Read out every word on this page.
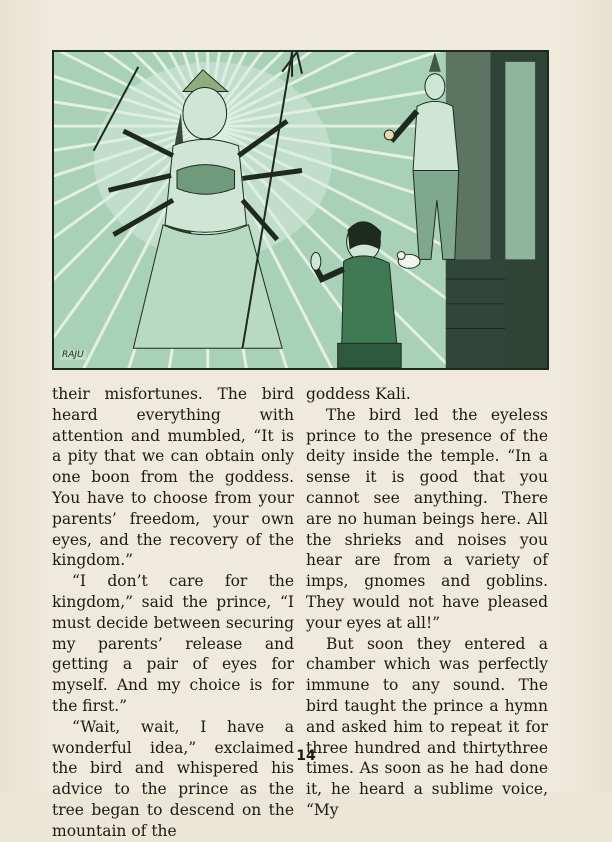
RAJU

their misfortunes. The bird heard everything with attention and mumbled, “It is a pity that we can obtain only one boon from the goddess. You have to choose from your parents’ freedom, your own eyes, and the recovery of the kingdom.”

“I don’t care for the kingdom,” said the prince, “I must decide between securing my parents’ release and getting a pair of eyes for myself. And my choice is for the first.”

“Wait, wait, I have a wonderful idea,” exclaimed the bird and whispered his advice to the prince as the tree began to descend on the mountain of the

goddess Kali.

The bird led the eyeless prince to the presence of the deity inside the temple. “In a sense it is good that you cannot see anything. There are no human beings here. All the shrieks and noises you hear are from a variety of imps, gnomes and goblins. They would not have pleased your eyes at all!”

But soon they entered a chamber which was perfectly immune to any sound. The bird taught the prince a hymn and asked him to repeat it for three hundred and thirtythree times. As soon as he had done it, he heard a sublime voice, “My

14
